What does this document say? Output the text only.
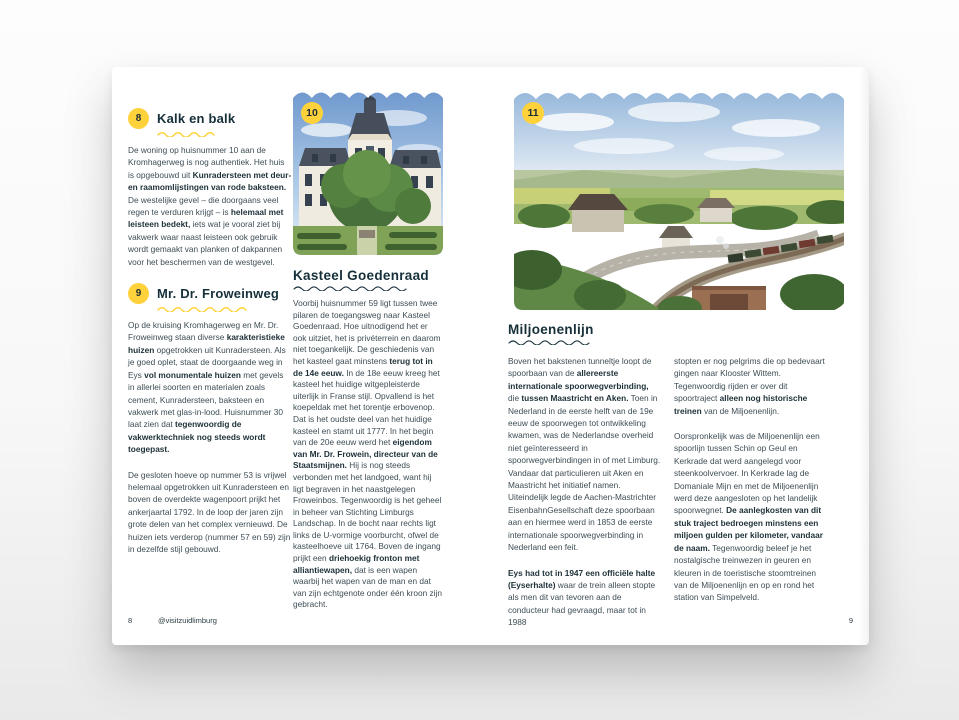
8	Kalk en balk
De woning op huisnummer 10 aan de Kromhagerweg is nog authentiek. Het huis is opgebouwd uit Kunradersteen met deur- en raamomlijstingen van rode baksteen. De westelijke gevel – die doorgaans veel regen te verduren krijgt – is helemaal met leisteen bedekt, iets wat je vooral ziet bij vakwerk waar naast leisteen ook gebruik wordt gemaakt van planken of dakpannen voor het beschermen van de westgevel.
9	Mr. Dr. Froweinweg
Op de kruising Kromhagerweg en Mr. Dr. Froweinweg staan diverse karakteristieke huizen opgetrokken uit Kunradersteen. Als je goed oplet, staat de doorgaande weg in Eys vol monumentale huizen met gevels in allerlei soorten en materialen zoals cement, Kunradersteen, baksteen en vakwerk met glas-in-lood. Huisnummer 30 laat zien dat tegenwoordig de vakwerktechniek nog steeds wordt toegepast.
De gesloten hoeve op nummer 53 is vrijwel helemaal opgetrokken uit Kunradersteen en boven de overdekte wagenpoort prijkt het ankerjaartal 1792. In de loop der jaren zijn grote delen van het complex vernieuwd. De huizen iets verderop (nummer 57 en 59) zijn in dezelfde stijl gebouwd.
10
Kasteel Goedenraad
Voorbij huisnummer 59 ligt tussen twee pilaren de toegangsweg naar Kasteel Goedenraad. Hoe uitnodigend het er ook uitziet, het is privéterrein en daarom niet toegankelijk. De geschiedenis van het kasteel gaat minstens terug tot in de 14e eeuw. In de 18e eeuw kreeg het kasteel het huidige witgepleisterde uiterlijk in Franse stijl. Opvallend is het koepeldak met het torentje erbovenop. Dat is het oudste deel van het huidige kasteel en stamt uit 1777. In het begin van de 20e eeuw werd het eigendom van Mr. Dr. Frowein, directeur van de Staatsmijnen. Hij is nog steeds verbonden met het landgoed, want hij ligt begraven in het naastgelegen Froweinbos. Tegenwoordig is het geheel in beheer van Stichting Limburgs Landschap. In de bocht naar rechts ligt links de U-vormige voorburcht, ofwel de kasteelhoeve uit 1764. Boven de ingang prijkt een driehoekig fronton met alliantiewapen, dat is een wapen waarbij het wapen van de man en dat van zijn echtgenote onder één kroon zijn gebracht.
11
Miljoenenlijn
Boven het bakstenen tunneltje loopt de spoorbaan van de allereerste internationale spoorwegverbinding, die tussen Maastricht en Aken. Toen in Nederland in de eerste helft van de 19e eeuw de spoorwegen tot ontwikkeling kwamen, was de Nederlandse overheid niet geïnteresseerd in spoorwegverbindingen in of met Limburg. Vandaar dat particulieren uit Aken en Maastricht het initiatief namen. Uiteindelijk legde de Aachen-Mastrichter EisenbahnGesellschaft deze spoorbaan aan en hiermee werd in 1853 de eerste internationale spoorwegverbinding in Nederland een feit.
Eys had tot in 1947 een officiële halte (Eyserhalte) waar de trein alleen stopte als men dit van tevoren aan de conducteur had gevraagd, maar tot in 1988
stopten er nog pelgrims die op bedevaart gingen naar Klooster Wittem. Tegenwoordig rijden er over dit spoortraject alleen nog historische treinen van de Miljoenenlijn.
Oorspronkelijk was de Miljoenenlijn een spoorlijn tussen Schin op Geul en Kerkrade dat werd aangelegd voor steenkoolvervoer. In Kerkrade lag de Domaniale Mijn en met de Miljoenenlijn werd deze aangesloten op het landelijk spoorwegnet. De aanlegkosten van dit stuk traject bedroegen minstens een miljoen gulden per kilometer, vandaar de naam. Tegenwoordig beleef je het nostalgische treinwezen in geuren en kleuren in de toeristische stoomtreinen van de Miljoenenlijn en op en rond het station van Simpelveld.
8	@visitzuidlimburg	9
